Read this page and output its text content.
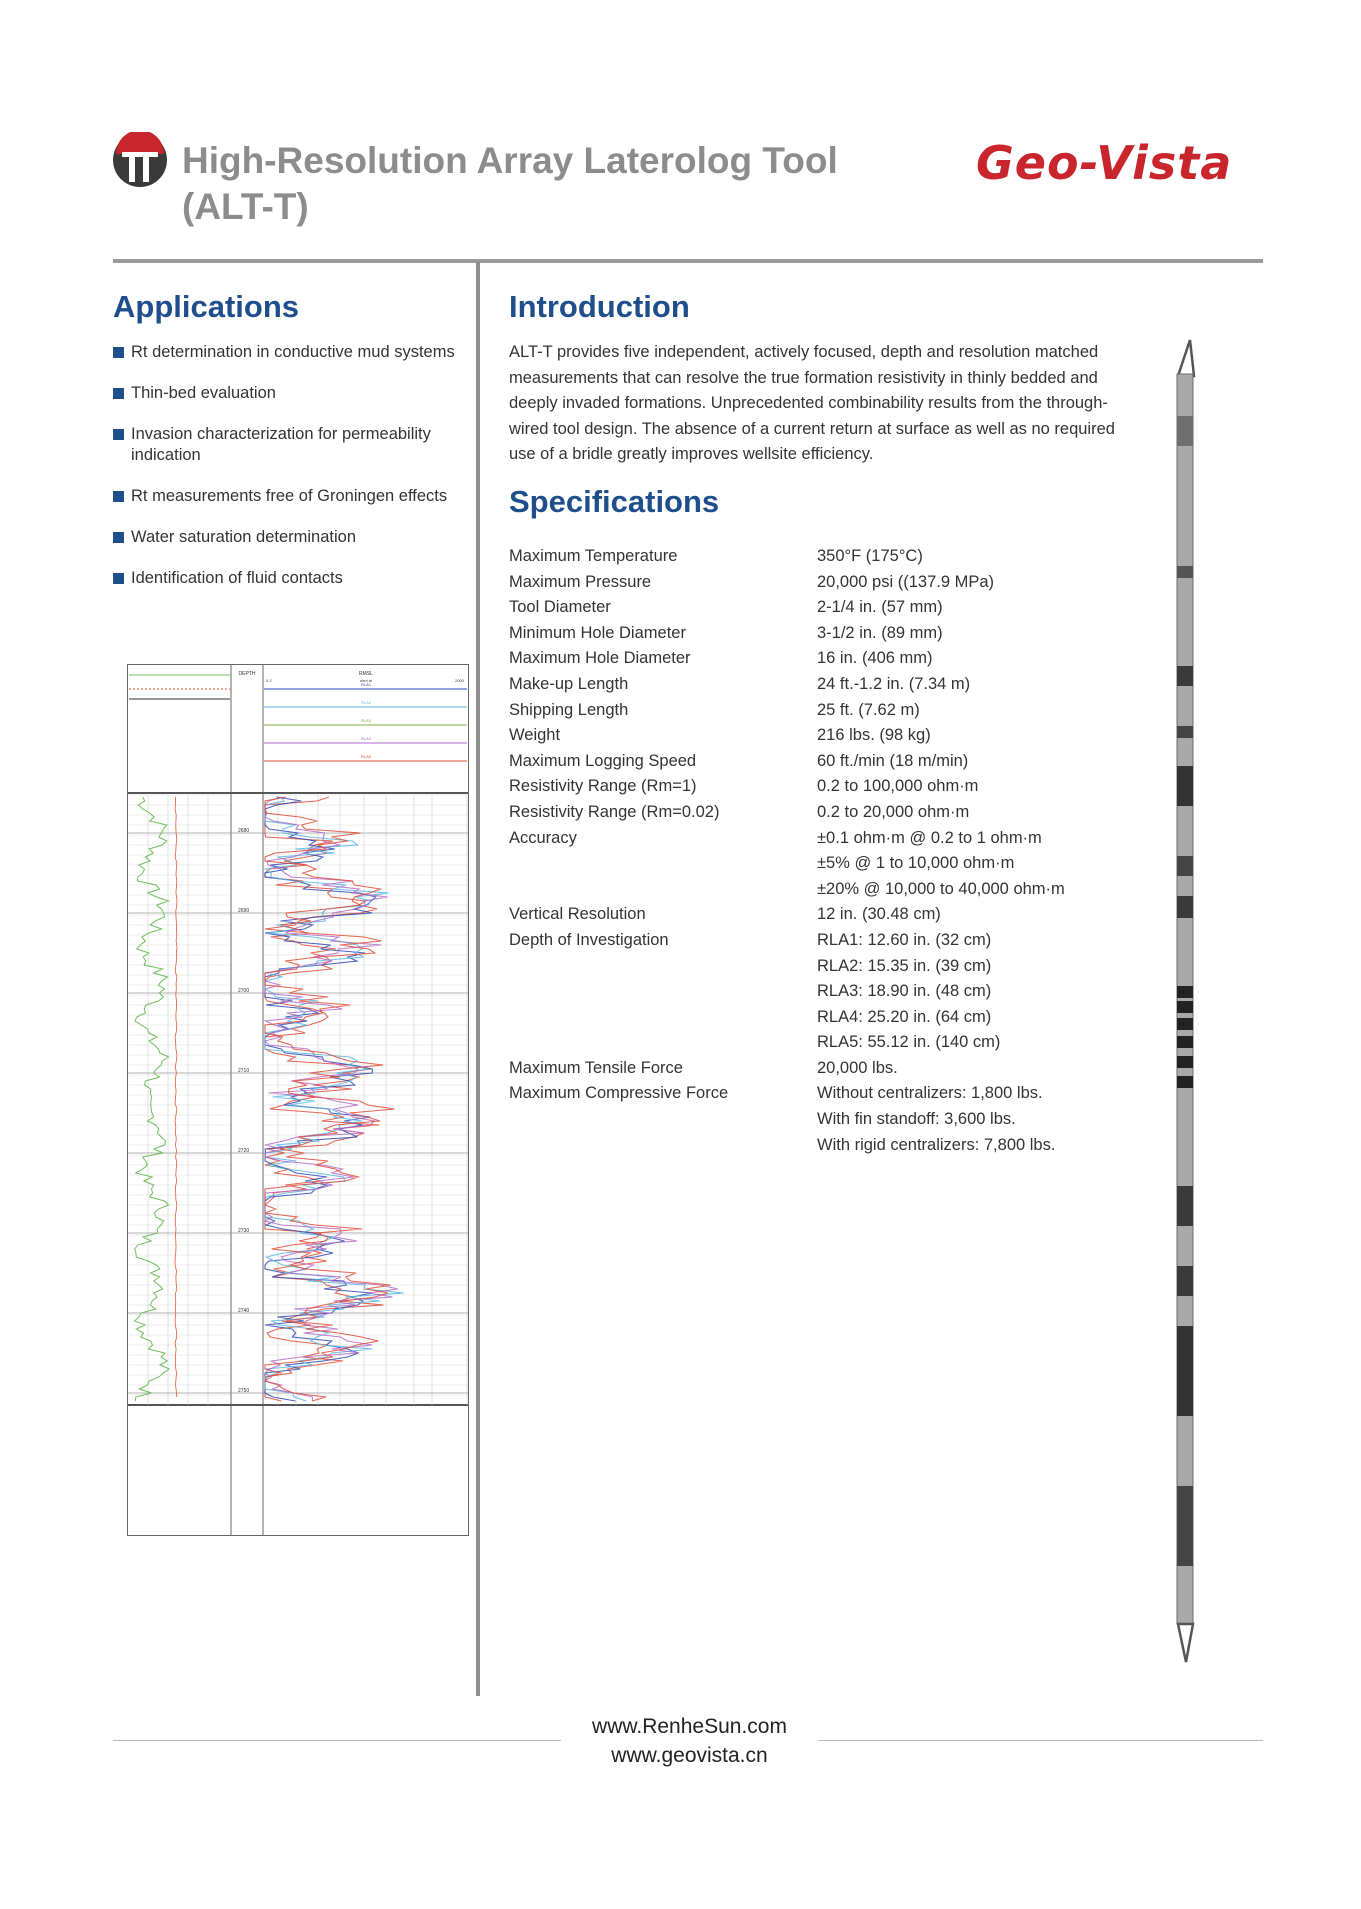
High-Resolution Array Laterolog Tool
(ALT-T)
Geo-Vista
Applications
Rt determination in conductive mud systems
Thin-bed evaluation
Invasion characterization for permeability indication
Rt measurements free of Groningen effects
Water saturation determination
Identification of fluid contacts
DEPTH	RMSL
ohm.m
0.2	2000
RLA1
RLA2
RLA3
RLA4
RLA5
2680
2690
2700
2710
2720
2730
2740
2750
Introduction

ALT-T provides five independent, actively focused, depth and resolution matched measurements that can resolve the true formation resistivity in thinly bedded and deeply invaded formations. Unprecedented combinability results from the through-wired tool design. The absence of a current return at surface as well as no required use of a bridle greatly improves wellsite efficiency.

Specifications
Maximum Temperature	350°F (175°C)
Maximum Pressure	20,000 psi ((137.9 MPa)
Tool Diameter	2-1/4 in. (57 mm)
Minimum Hole Diameter	3-1/2 in. (89 mm)
Maximum Hole Diameter	16 in. (406 mm)
Make-up Length	24 ft.-1.2 in. (7.34 m)
Shipping Length	25 ft. (7.62 m)
Weight	216 lbs. (98 kg)
Maximum Logging Speed	60 ft./min (18 m/min)
Resistivity Range (Rm=1)	0.2 to 100,000 ohm·m
Resistivity Range (Rm=0.02)	0.2 to 20,000 ohm·m
Accuracy	±0.1 ohm·m @ 0.2 to 1 ohm·m
	±5% @ 1 to 10,000 ohm·m
	±20% @ 10,000 to 40,000 ohm·m
Vertical Resolution	12 in. (30.48 cm)
Depth of Investigation	RLA1: 12.60 in. (32 cm)
	RLA2: 15.35 in. (39 cm)
	RLA3: 18.90 in. (48 cm)
	RLA4: 25.20 in. (64 cm)
	RLA5: 55.12 in. (140 cm)
Maximum Tensile Force	20,000 lbs.
Maximum Compressive Force	Without centralizers: 1,800 lbs.
	With fin standoff: 3,600 lbs.
	With rigid centralizers: 7,800 lbs.
www.RenheSun.com
www.geovista.cn
